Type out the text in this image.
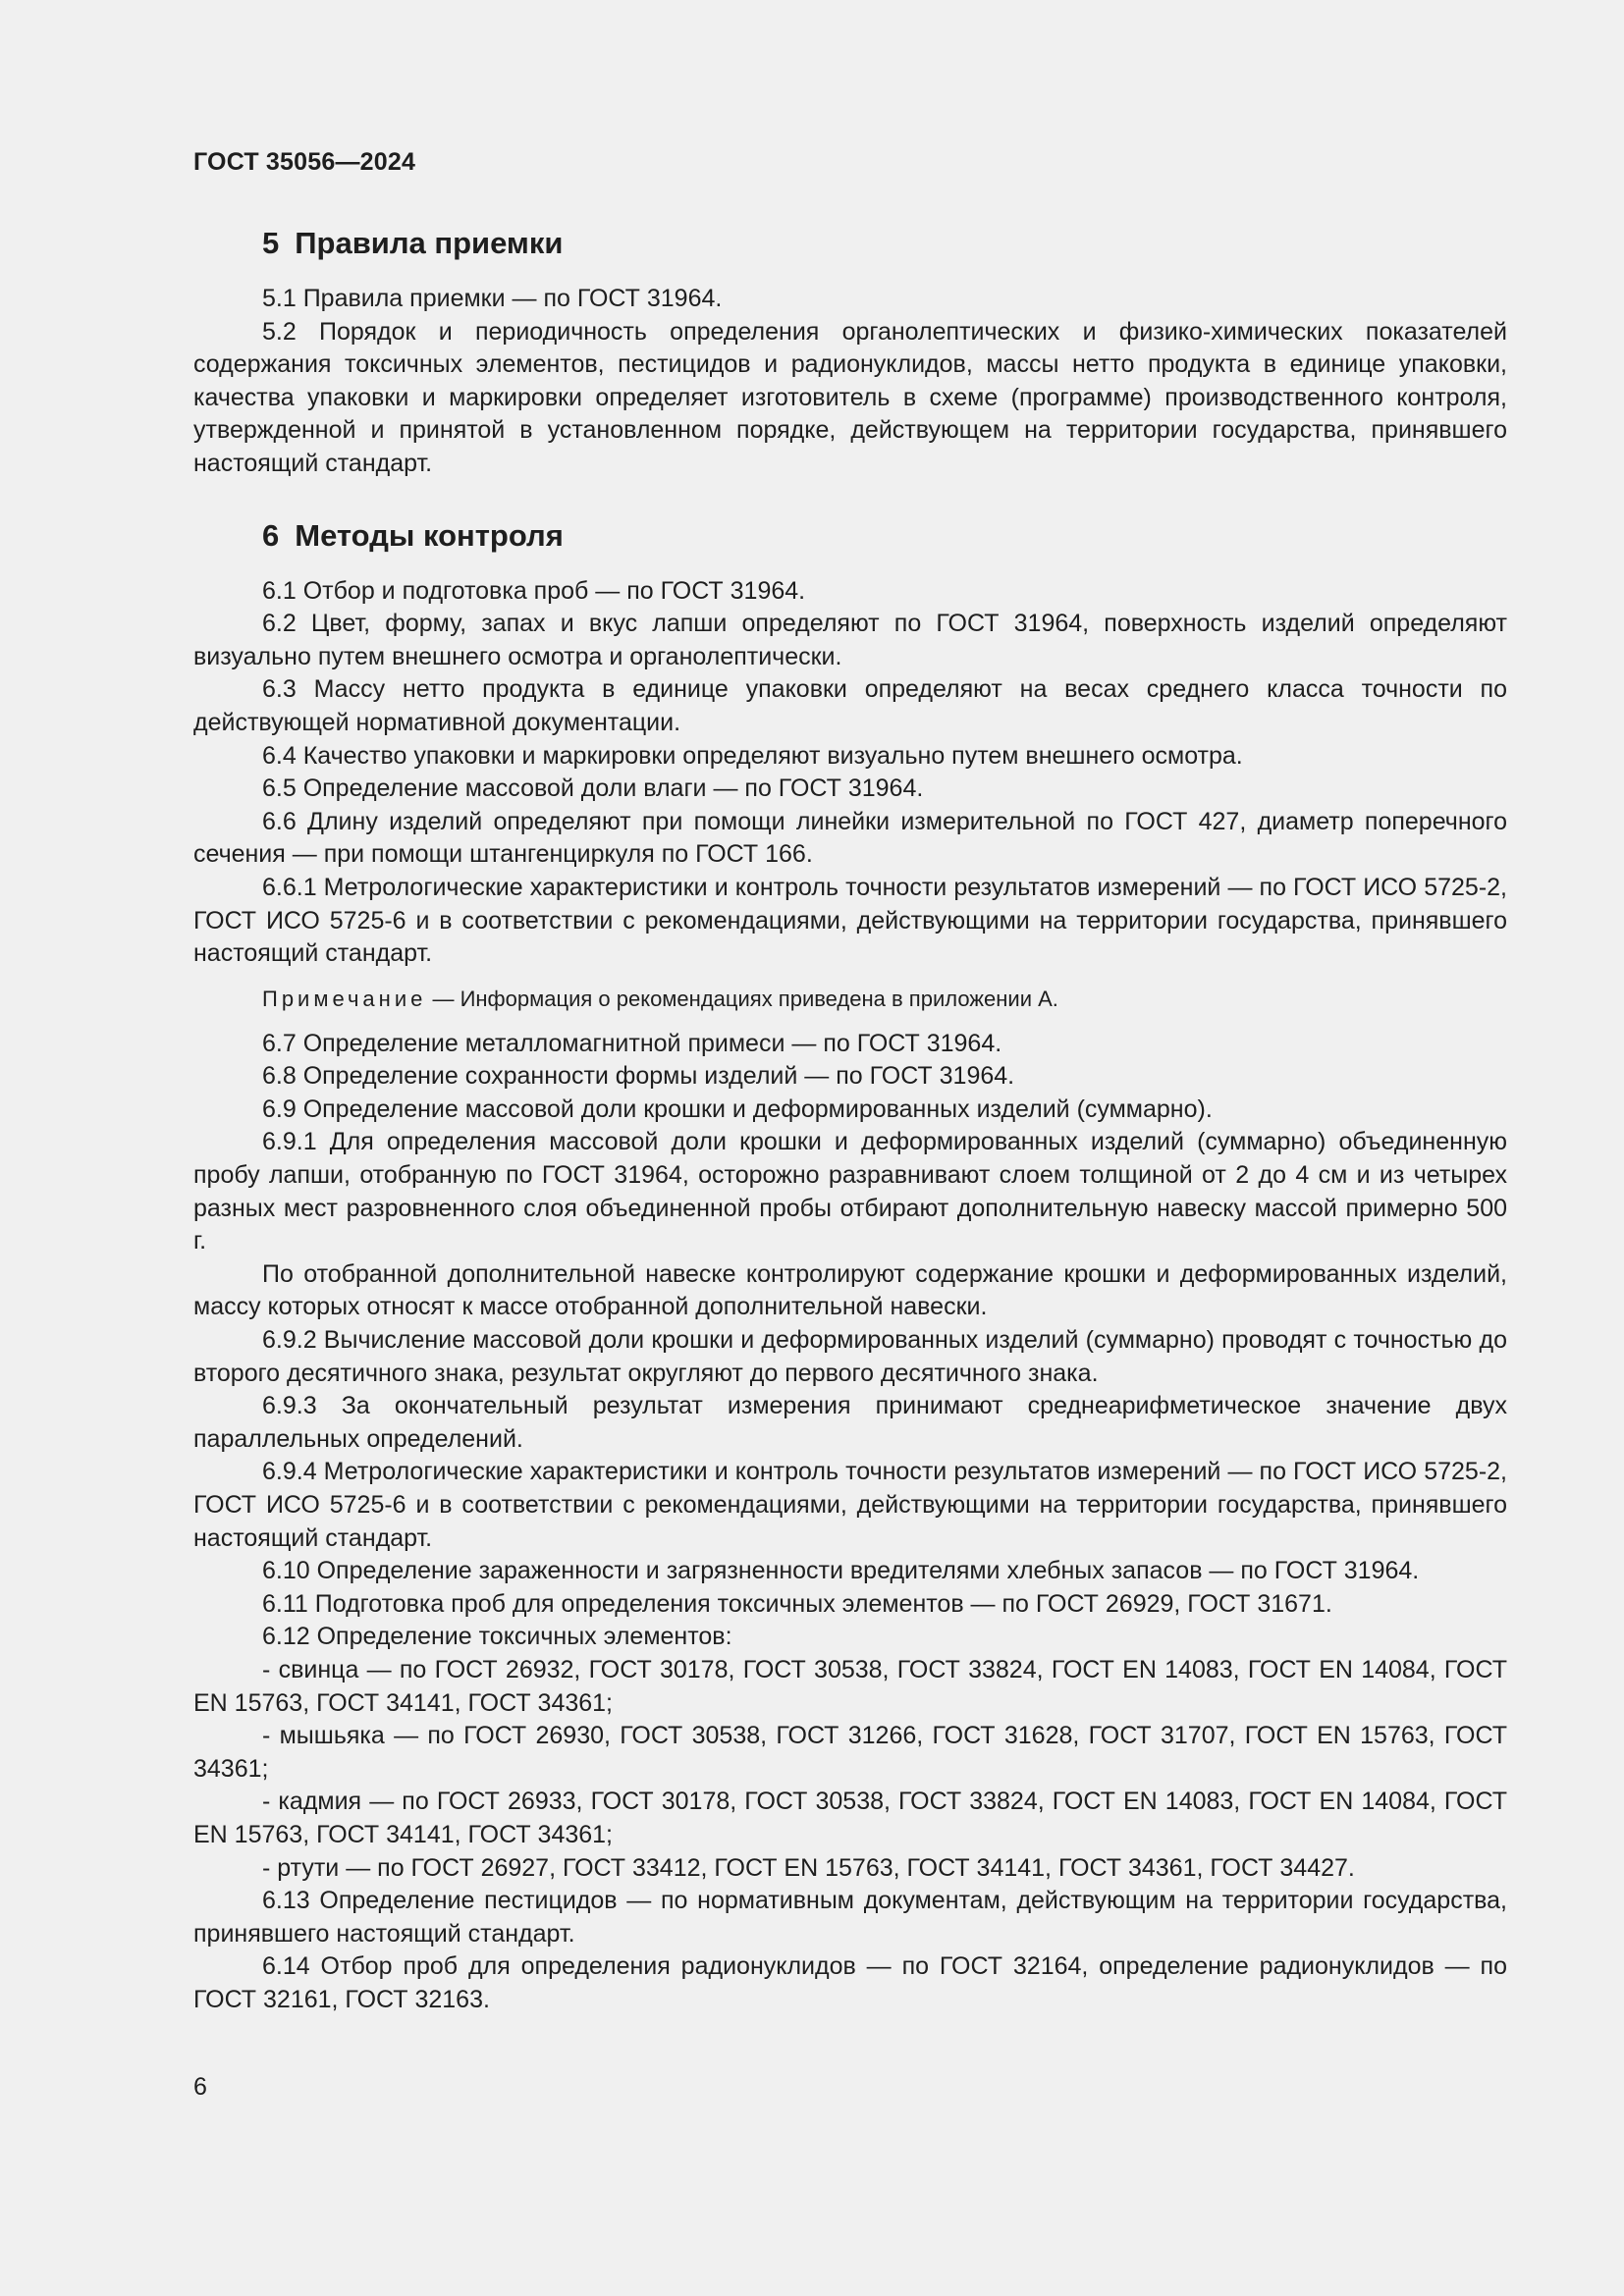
ГОСТ 35056—2024
5 Правила приемки

5.1 Правила приемки — по ГОСТ 31964.

5.2 Порядок и периодичность определения органолептических и физико-химических показателей содержания токсичных элементов, пестицидов и радионуклидов, массы нетто продукта в единице упаковки, качества упаковки и маркировки определяет изготовитель в схеме (программе) производственного контроля, утвержденной и принятой в установленном порядке, действующем на территории государства, принявшего настоящий стандарт.

6 Методы контроля

6.1 Отбор и подготовка проб — по ГОСТ 31964.

6.2 Цвет, форму, запах и вкус лапши определяют по ГОСТ 31964, поверхность изделий определяют визуально путем внешнего осмотра и органолептически.

6.3 Массу нетто продукта в единице упаковки определяют на весах среднего класса точности по действующей нормативной документации.

6.4 Качество упаковки и маркировки определяют визуально путем внешнего осмотра.

6.5 Определение массовой доли влаги — по ГОСТ 31964.

6.6 Длину изделий определяют при помощи линейки измерительной по ГОСТ 427, диаметр поперечного сечения — при помощи штангенциркуля по ГОСТ 166.

6.6.1 Метрологические характеристики и контроль точности результатов измерений — по ГОСТ ИСО 5725-2, ГОСТ ИСО 5725-6 и в соответствии с рекомендациями, действующими на территории государства, принявшего настоящий стандарт.

Примечание — Информация о рекомендациях приведена в приложении А.

6.7 Определение металломагнитной примеси — по ГОСТ 31964.

6.8 Определение сохранности формы изделий — по ГОСТ 31964.

6.9 Определение массовой доли крошки и деформированных изделий (суммарно).

6.9.1 Для определения массовой доли крошки и деформированных изделий (суммарно) объединенную пробу лапши, отобранную по ГОСТ 31964, осторожно разравнивают слоем толщиной от 2 до 4 см и из четырех разных мест разровненного слоя объединенной пробы отбирают дополнительную навеску массой примерно 500 г.

По отобранной дополнительной навеске контролируют содержание крошки и деформированных изделий, массу которых относят к массе отобранной дополнительной навески.

6.9.2 Вычисление массовой доли крошки и деформированных изделий (суммарно) проводят с точностью до второго десятичного знака, результат округляют до первого десятичного знака.

6.9.3 За окончательный результат измерения принимают среднеарифметическое значение двух параллельных определений.

6.9.4 Метрологические характеристики и контроль точности результатов измерений — по ГОСТ ИСО 5725-2, ГОСТ ИСО 5725-6 и в соответствии с рекомендациями, действующими на территории государства, принявшего настоящий стандарт.

6.10 Определение зараженности и загрязненности вредителями хлебных запасов — по ГОСТ 31964.

6.11 Подготовка проб для определения токсичных элементов — по ГОСТ 26929, ГОСТ 31671.

6.12 Определение токсичных элементов:

- свинца — по ГОСТ 26932, ГОСТ 30178, ГОСТ 30538, ГОСТ 33824, ГОСТ EN 14083, ГОСТ EN 14084, ГОСТ EN 15763, ГОСТ 34141, ГОСТ 34361;

- мышьяка — по ГОСТ 26930, ГОСТ 30538, ГОСТ 31266, ГОСТ 31628, ГОСТ 31707, ГОСТ EN 15763, ГОСТ 34361;

- кадмия — по ГОСТ 26933, ГОСТ 30178, ГОСТ 30538, ГОСТ 33824, ГОСТ EN 14083, ГОСТ EN 14084, ГОСТ EN 15763, ГОСТ 34141, ГОСТ 34361;

- ртути — по ГОСТ 26927, ГОСТ 33412, ГОСТ EN 15763, ГОСТ 34141, ГОСТ 34361, ГОСТ 34427.

6.13 Определение пестицидов — по нормативным документам, действующим на территории государства, принявшего настоящий стандарт.

6.14 Отбор проб для определения радионуклидов — по ГОСТ 32164, определение радионуклидов — по ГОСТ 32161, ГОСТ 32163.

6
